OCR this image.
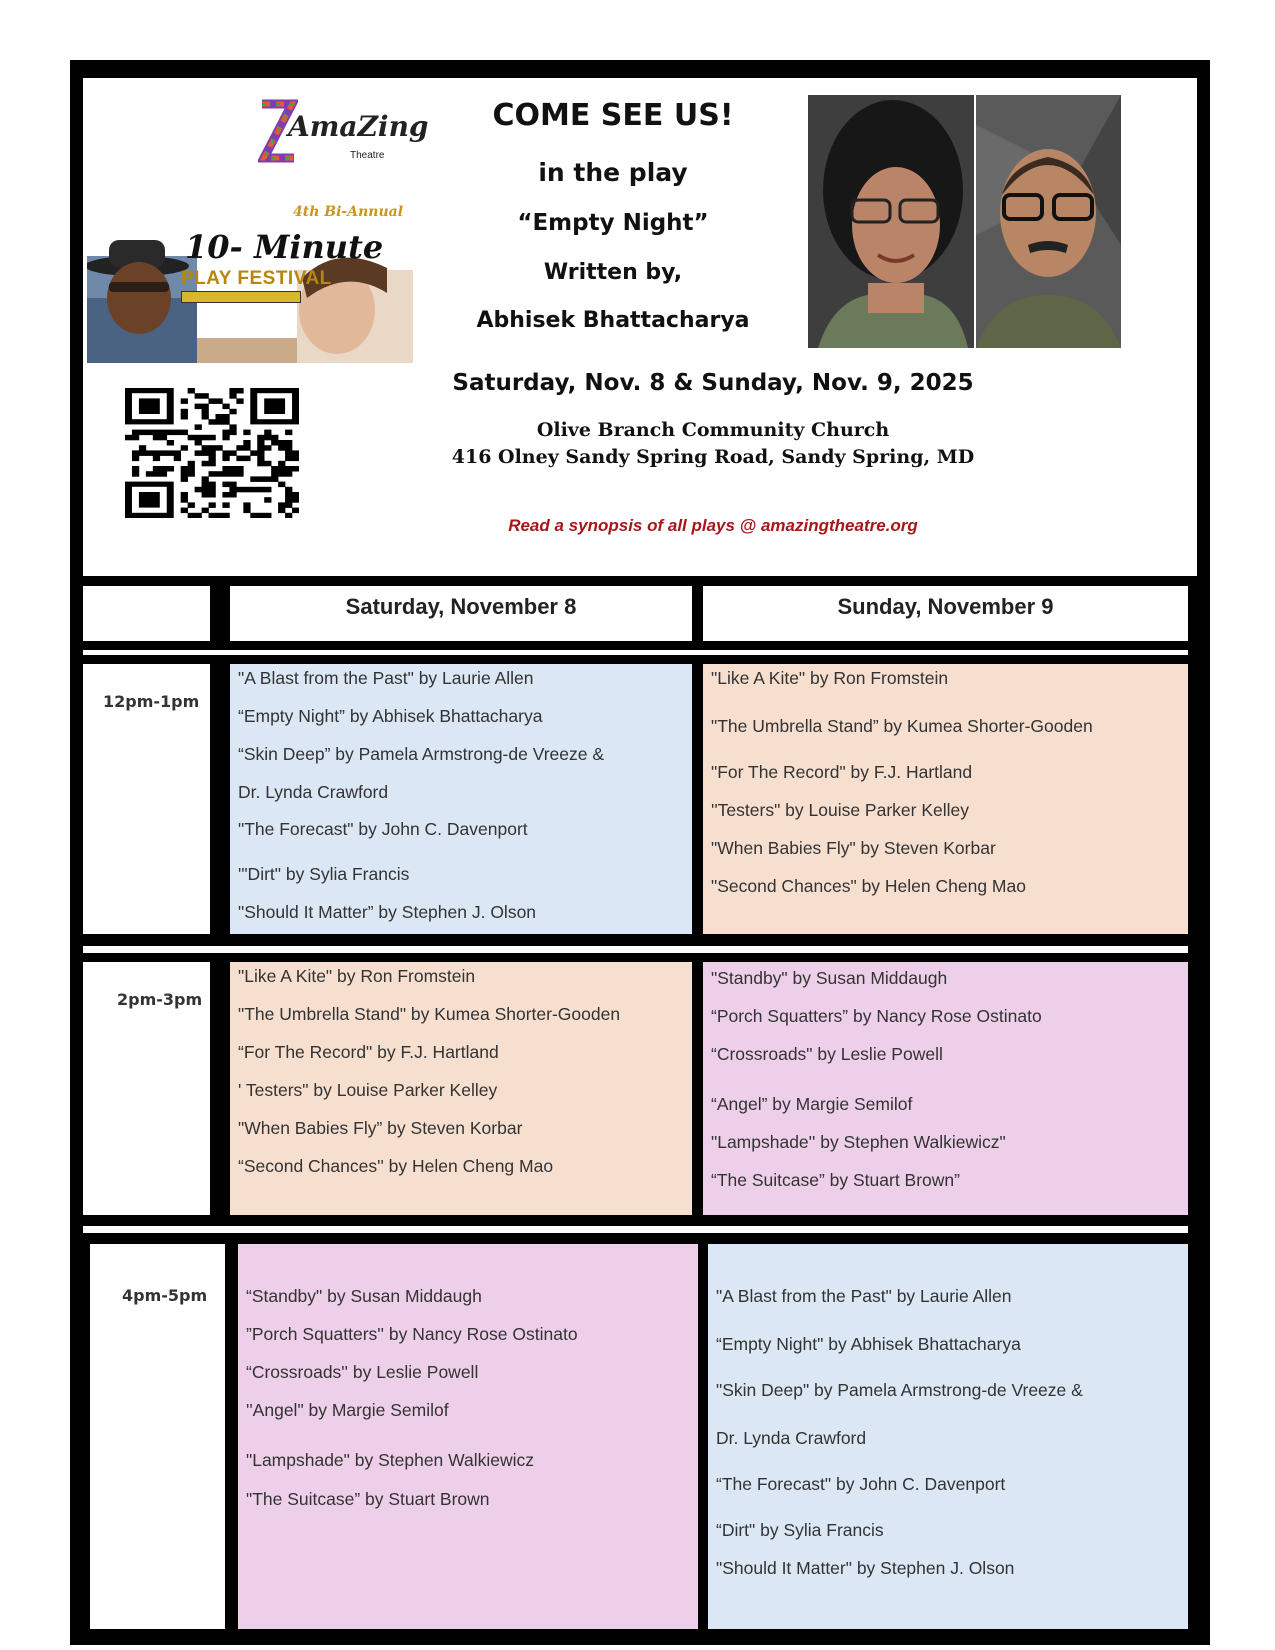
AmaZing
Theatre
4th Bi-Annual
10- Minute
PLAY FESTIVAL
COME SEE US!
in the play
“Empty Night”
Written by,
Abhisek Bhattacharya
Saturday, Nov. 8 & Sunday, Nov. 9, 2025
Olive Branch Community Church
416 Olney Sandy Spring Road, Sandy Spring, MD
Read a synopsis of all plays @ amazingtheatre.org
Saturday, November 8	Sunday, November 9
12pm-1pm
"A Blast from the Past" by Laurie Allen
“Empty Night” by Abhisek Bhattacharya
“Skin Deep” by Pamela Armstrong-de Vreeze &
Dr. Lynda Crawford
"The Forecast" by John C. Davenport
'"Dirt" by Sylia Francis
"Should It Matter” by Stephen J. Olson
"Like A Kite" by Ron Fromstein
"The Umbrella Stand” by Kumea Shorter-Gooden
"For The Record" by F.J. Hartland
''Testers" by Louise Parker Kelley
"When Babies Fly" by Steven Korbar
"Second Chances" by Helen Cheng Mao
2pm-3pm
"Like A Kite" by Ron Fromstein
"The Umbrella Stand" by Kumea Shorter-Gooden
“For The Record" by F.J. Hartland
' Testers" by Louise Parker Kelley
"When Babies Fly” by Steven Korbar
“Second Chances'' by Helen Cheng Mao
"Standby" by Susan Middaugh
“Porch Squatters” by Nancy Rose Ostinato
“Crossroads" by Leslie Powell
“Angel” by Margie Semilof
"Lampshade'' by Stephen Walkiewicz"
“The Suitcase” by Stuart Brown”
4pm-5pm “Standby" by Susan Middaugh
”Porch Squatters'' by Nancy Rose Ostinato
“Crossroads'' by Leslie Powell
''Angel" by Margie Semilof
"Lampshade" by Stephen Walkiewicz
"The Suitcase” by Stuart Brown
"A Blast from the Past" by Laurie Allen
“Empty Night" by Abhisek Bhattacharya
"Skin Deep" by Pamela Armstrong-de Vreeze &
Dr. Lynda Crawford
“The Forecast" by John C. Davenport
“Dirt" by Sylia Francis
"Should It Matter" by Stephen J. Olson
